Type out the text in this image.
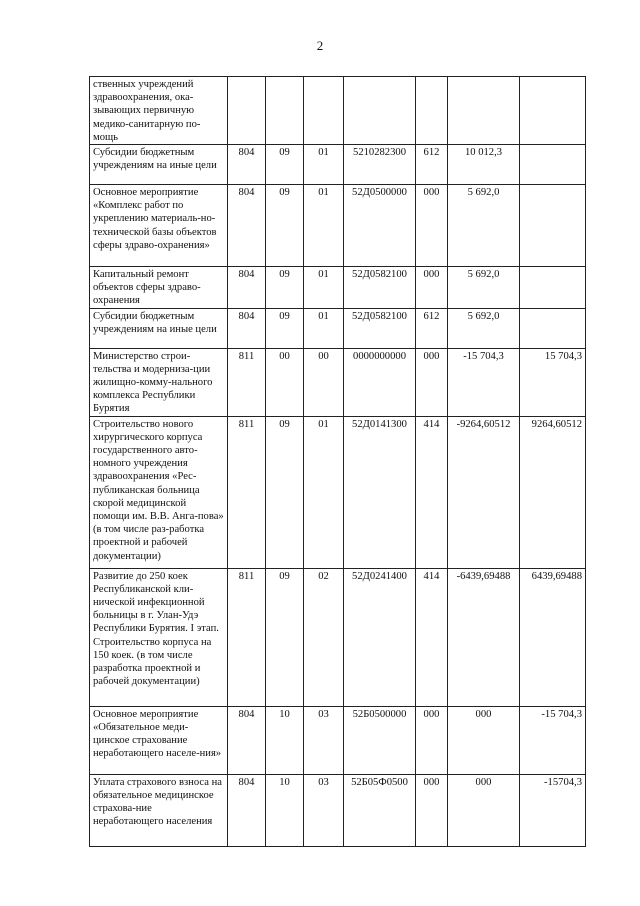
2
ственных учреждений здравоохранения, ока-зывающих первичную медико-санитарную по-мощь							
Субсидии бюджетным учреждениям на иные цели	804	09	01	5210282300	612	10 012,3	
Основное мероприятие «Комплекс работ по укреплению материаль-но-технической базы объектов сферы здраво-охранения»	804	09	01	52Д0500000	000	5 692,0	
Капитальный ремонт объектов сферы здраво-охранения	804	09	01	52Д0582100	000	5 692,0	
Субсидии бюджетным учреждениям на иные цели	804	09	01	52Д0582100	612	5 692,0	
Министерство строи-тельства и модерниза-ции жилищно-комму-нального комплекса Республики Бурятия	811	00	00	0000000000	000	-15 704,3	15 704,3
Строительство нового хирургического корпуса государственного авто-номного учреждения здравоохранения «Рес-публиканская больница скорой медицинской помощи им. В.В. Анга-пова» (в том числе раз-работка проектной и рабочей документации)	811	09	01	52Д0141300	414	-9264,60512	9264,60512
Развитие до 250 коек Республиканской кли-нической инфекционной больницы в г. Улан-Удэ Республики Бурятия. I этап. Строительство корпуса на 150 коек. (в том числе разработка проектной и рабочей документации)	811	09	02	52Д0241400	414	-6439,69488	6439,69488
Основное мероприятие «Обязательное меди-цинское страхование неработающего населе-ния»	804	10	03	52Б0500000	000	000	-15 704,3
Уплата страхового взноса на обязательное медицинское страхова-ние неработающего населения	804	10	03	52Б05Ф0500	000	000	-15704,3
